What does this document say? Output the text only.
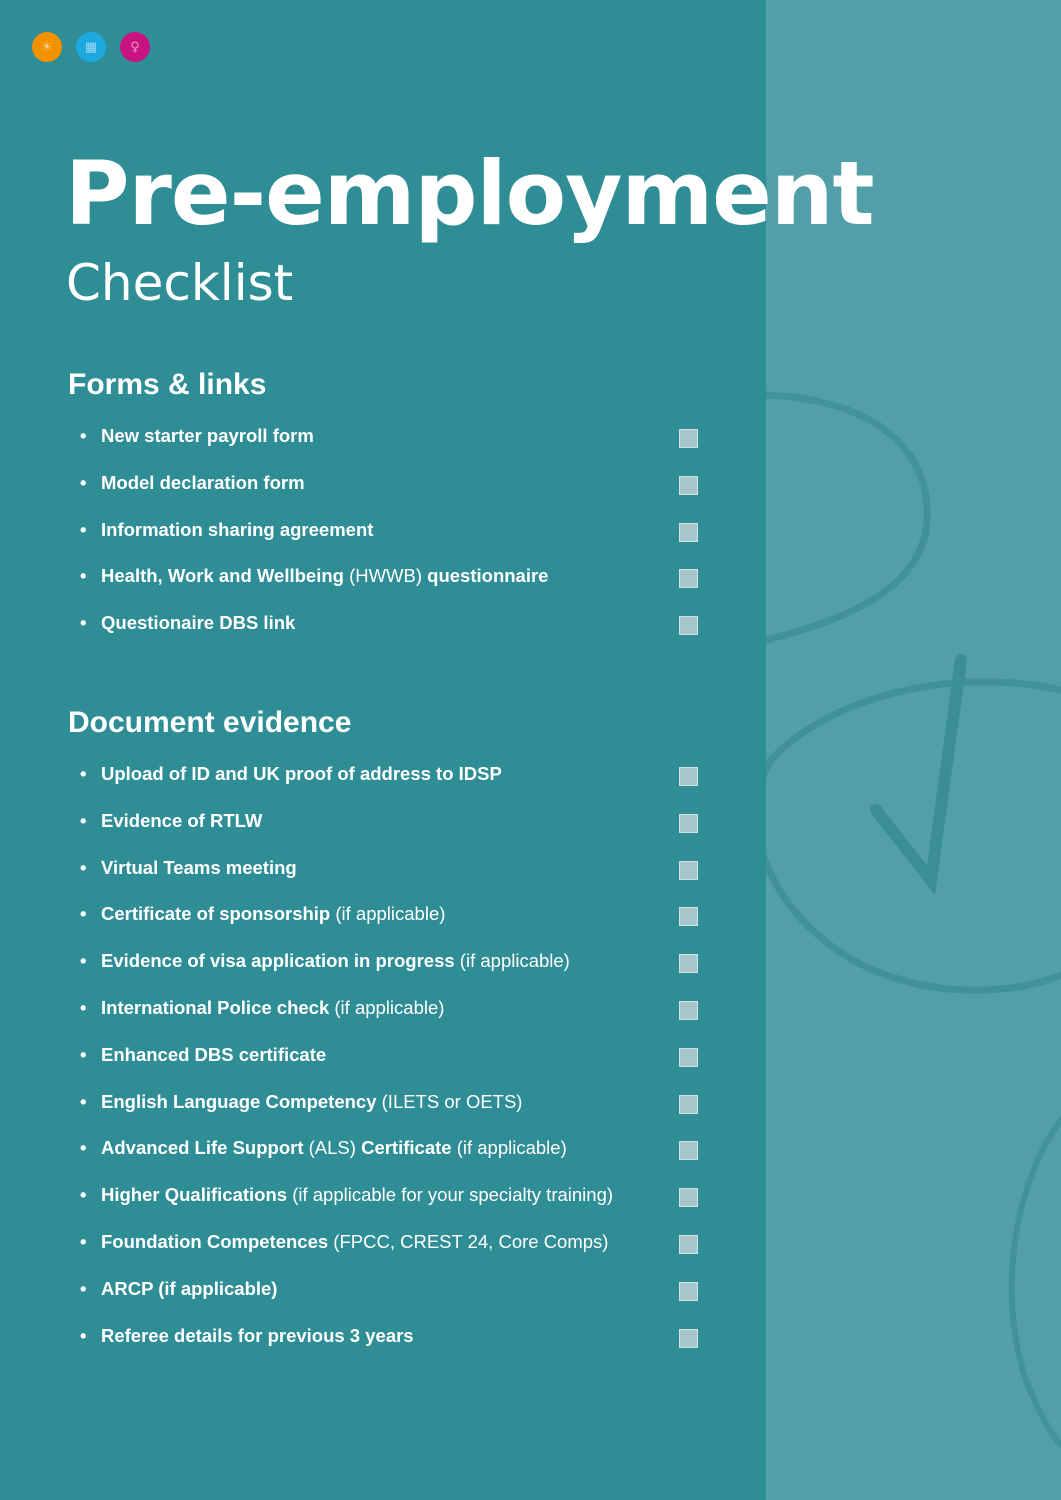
☀	▦	♀
Pre-employment
Checklist
Forms & links
• New starter payroll form
• Model declaration form
• Information sharing agreement
• Health, Work and Wellbeing (HWWB) questionnaire
• Questionaire DBS link
Document evidence
• Upload of ID and UK proof of address to IDSP
• Evidence of RTLW
• Virtual Teams meeting
• Certificate of sponsorship (if applicable)
• Evidence of visa application in progress (if applicable)
• International Police check (if applicable)
• Enhanced DBS certificate
• English Language Competency (ILETS or OETS)
• Advanced Life Support (ALS) Certificate (if applicable)
• Higher Qualifications (if applicable for your specialty training)
• Foundation Competences (FPCC, CREST 24, Core Comps)
• ARCP (if applicable)
• Referee details for previous 3 years
